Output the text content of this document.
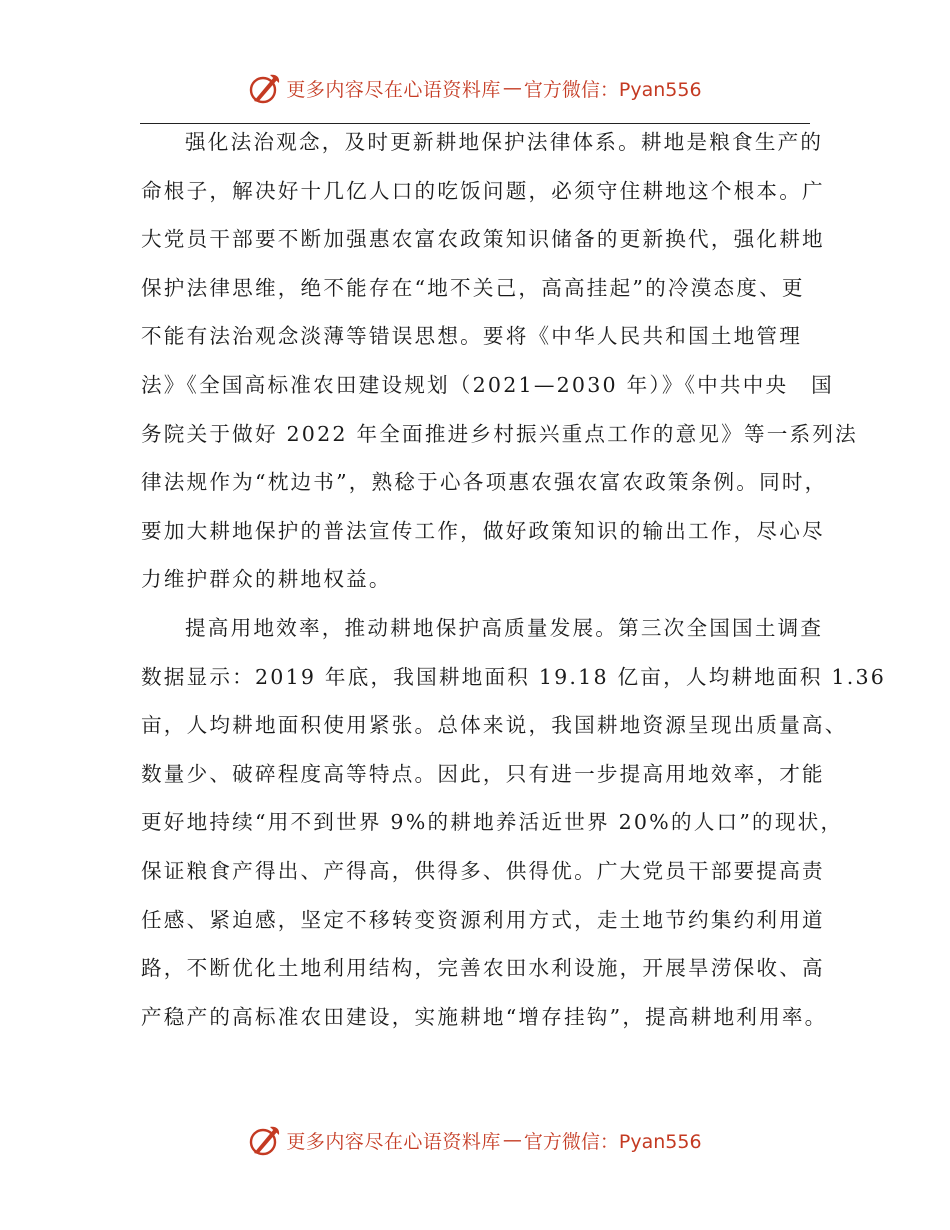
更多内容尽在心语资料库 — 官方微信：Pyan556
强化法治观念，及时更新耕地保护法律体系。耕地是粮食生产的
命根子，解决好十几亿人口的吃饭问题，必须守住耕地这个根本。广
大党员干部要不断加强惠农富农政策知识储备的更新换代，强化耕地
保护法律思维，绝不能存在“地不关己，高高挂起”的冷漠态度、更
不能有法治观念淡薄等错误思想。要将《中华人民共和国土地管理
法》《全国高标准农田建设规划（2021—2030 年）》《中共中央　国
务院关于做好 2022 年全面推进乡村振兴重点工作的意见》等一系列法
律法规作为“枕边书”，熟稔于心各项惠农强农富农政策条例。同时，
要加大耕地保护的普法宣传工作，做好政策知识的输出工作，尽心尽
力维护群众的耕地权益。
提高用地效率，推动耕地保护高质量发展。第三次全国国土调查
数据显示：2019 年底，我国耕地面积 19.18 亿亩，人均耕地面积 1.36
亩，人均耕地面积使用紧张。总体来说，我国耕地资源呈现出质量高、
数量少、破碎程度高等特点。因此，只有进一步提高用地效率，才能
更好地持续“用不到世界 9%的耕地养活近世界 20%的人口”的现状，
保证粮食产得出、产得高，供得多、供得优。广大党员干部要提高责
任感、紧迫感，坚定不移转变资源利用方式，走土地节约集约利用道
路，不断优化土地利用结构，完善农田水利设施，开展旱涝保收、高
产稳产的高标准农田建设，实施耕地“增存挂钩”，提高耕地利用率。
更多内容尽在心语资料库 — 官方微信：Pyan556
